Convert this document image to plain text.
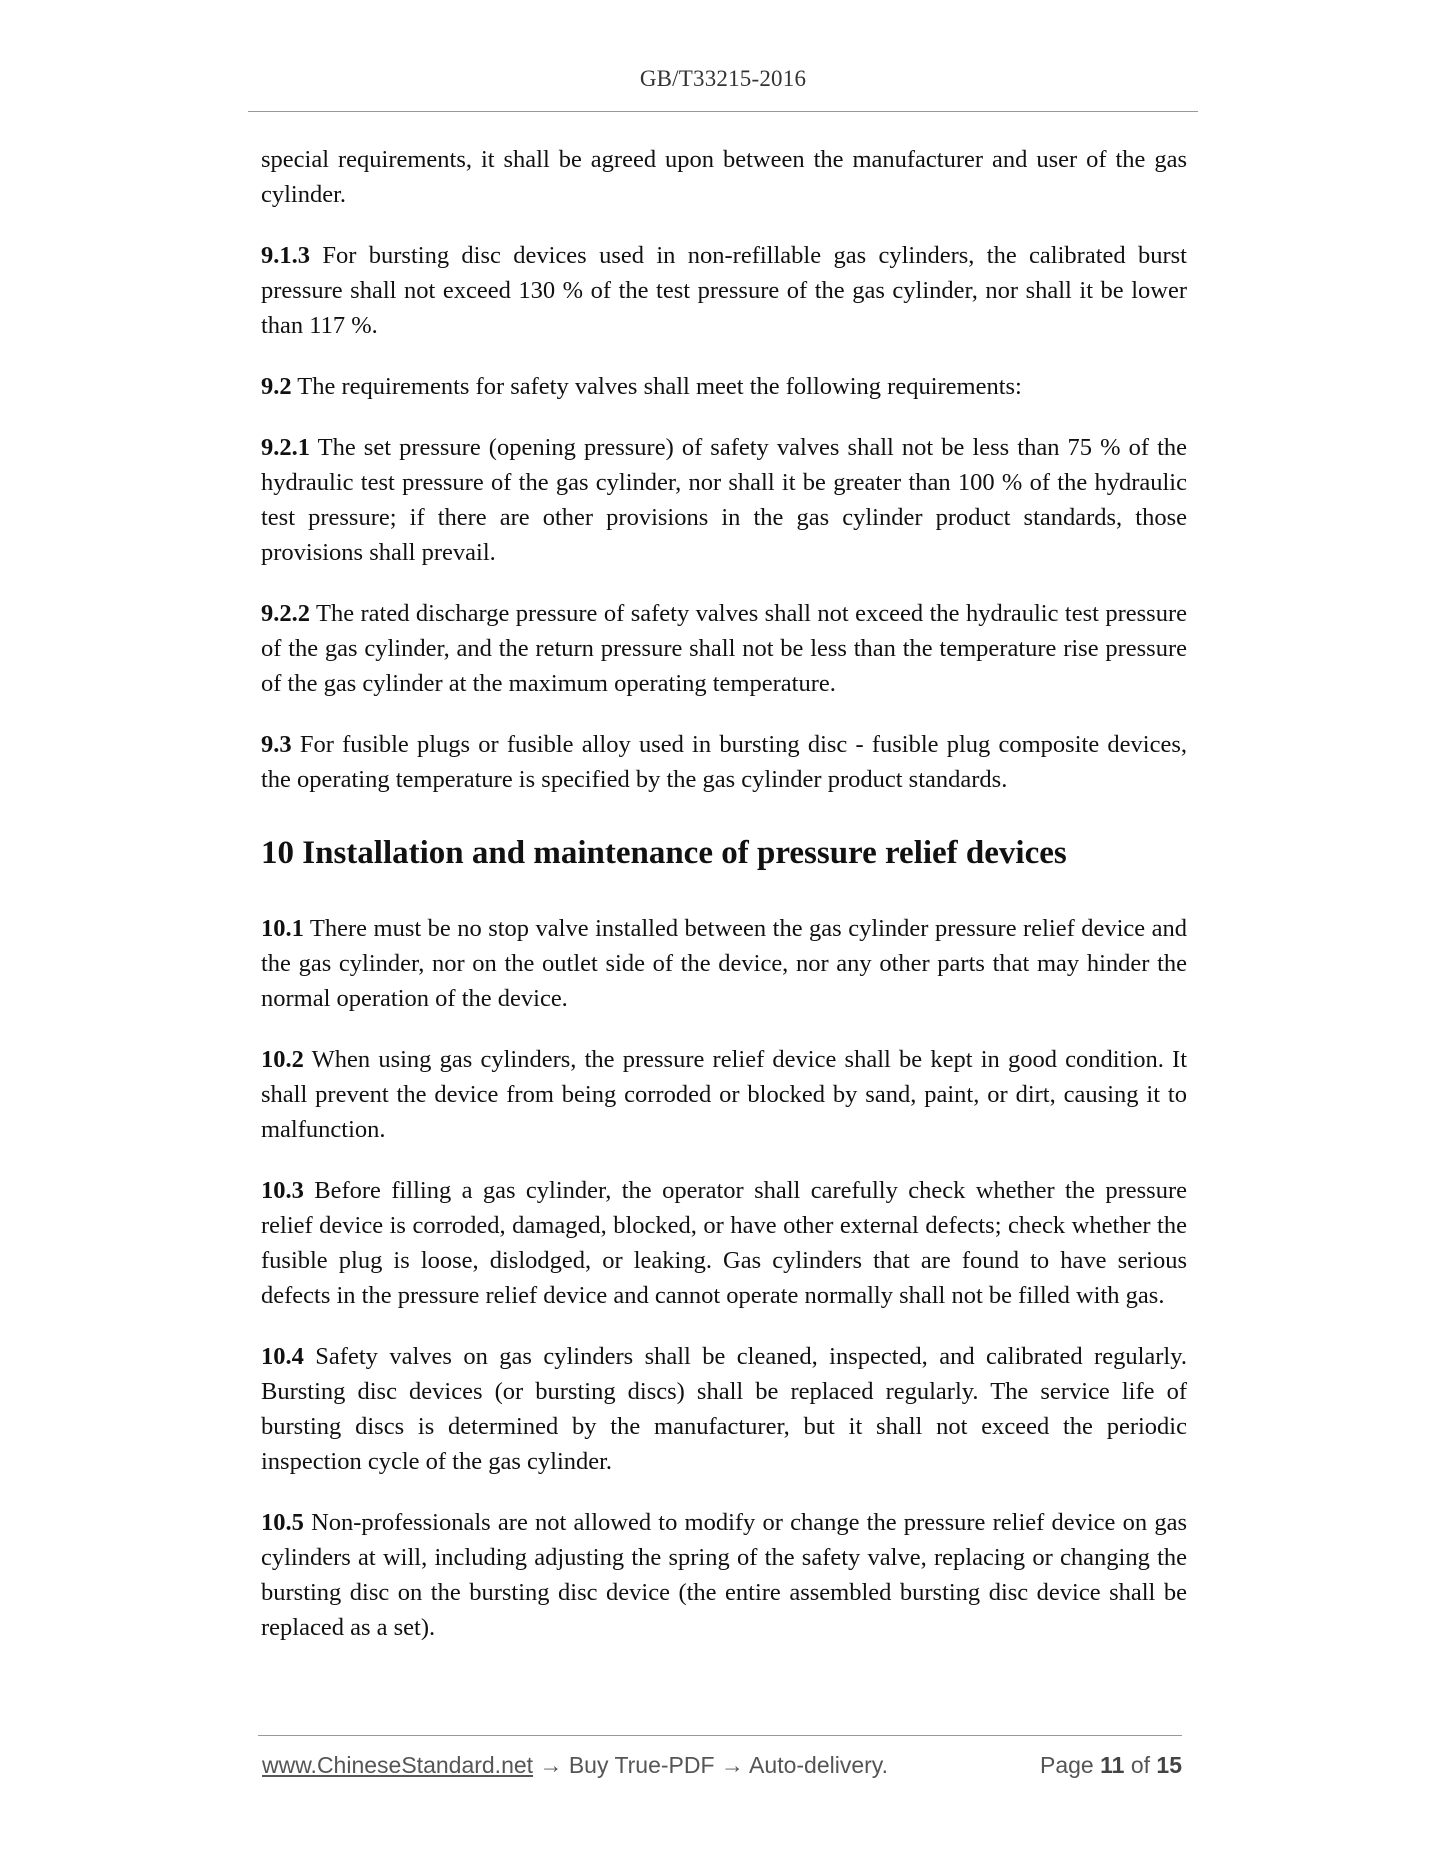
GB/T33215-2016

special requirements, it shall be agreed upon between the manufacturer and user of the gas cylinder.

9.1.3 For bursting disc devices used in non-refillable gas cylinders, the calibrated burst pressure shall not exceed 130 % of the test pressure of the gas cylinder, nor shall it be lower than 117 %.

9.2 The requirements for safety valves shall meet the following requirements:

9.2.1 The set pressure (opening pressure) of safety valves shall not be less than 75 % of the hydraulic test pressure of the gas cylinder, nor shall it be greater than 100 % of the hydraulic test pressure; if there are other provisions in the gas cylinder product standards, those provisions shall prevail.

9.2.2 The rated discharge pressure of safety valves shall not exceed the hydraulic test pressure of the gas cylinder, and the return pressure shall not be less than the temperature rise pressure of the gas cylinder at the maximum operating temperature.

9.3 For fusible plugs or fusible alloy used in bursting disc - fusible plug composite devices, the operating temperature is specified by the gas cylinder product standards.

10 Installation and maintenance of pressure relief devices

10.1 There must be no stop valve installed between the gas cylinder pressure relief device and the gas cylinder, nor on the outlet side of the device, nor any other parts that may hinder the normal operation of the device.

10.2 When using gas cylinders, the pressure relief device shall be kept in good condition. It shall prevent the device from being corroded or blocked by sand, paint, or dirt, causing it to malfunction.

10.3 Before filling a gas cylinder, the operator shall carefully check whether the pressure relief device is corroded, damaged, blocked, or have other external defects; check whether the fusible plug is loose, dislodged, or leaking. Gas cylinders that are found to have serious defects in the pressure relief device and cannot operate normally shall not be filled with gas.

10.4 Safety valves on gas cylinders shall be cleaned, inspected, and calibrated regularly. Bursting disc devices (or bursting discs) shall be replaced regularly. The service life of bursting discs is determined by the manufacturer, but it shall not exceed the periodic inspection cycle of the gas cylinder.

10.5 Non-professionals are not allowed to modify or change the pressure relief device on gas cylinders at will, including adjusting the spring of the safety valve, replacing or changing the bursting disc on the bursting disc device (the entire assembled bursting disc device shall be replaced as a set).

www.ChineseStandard.net → Buy True-PDF → Auto-delivery.	Page 11 of 15
